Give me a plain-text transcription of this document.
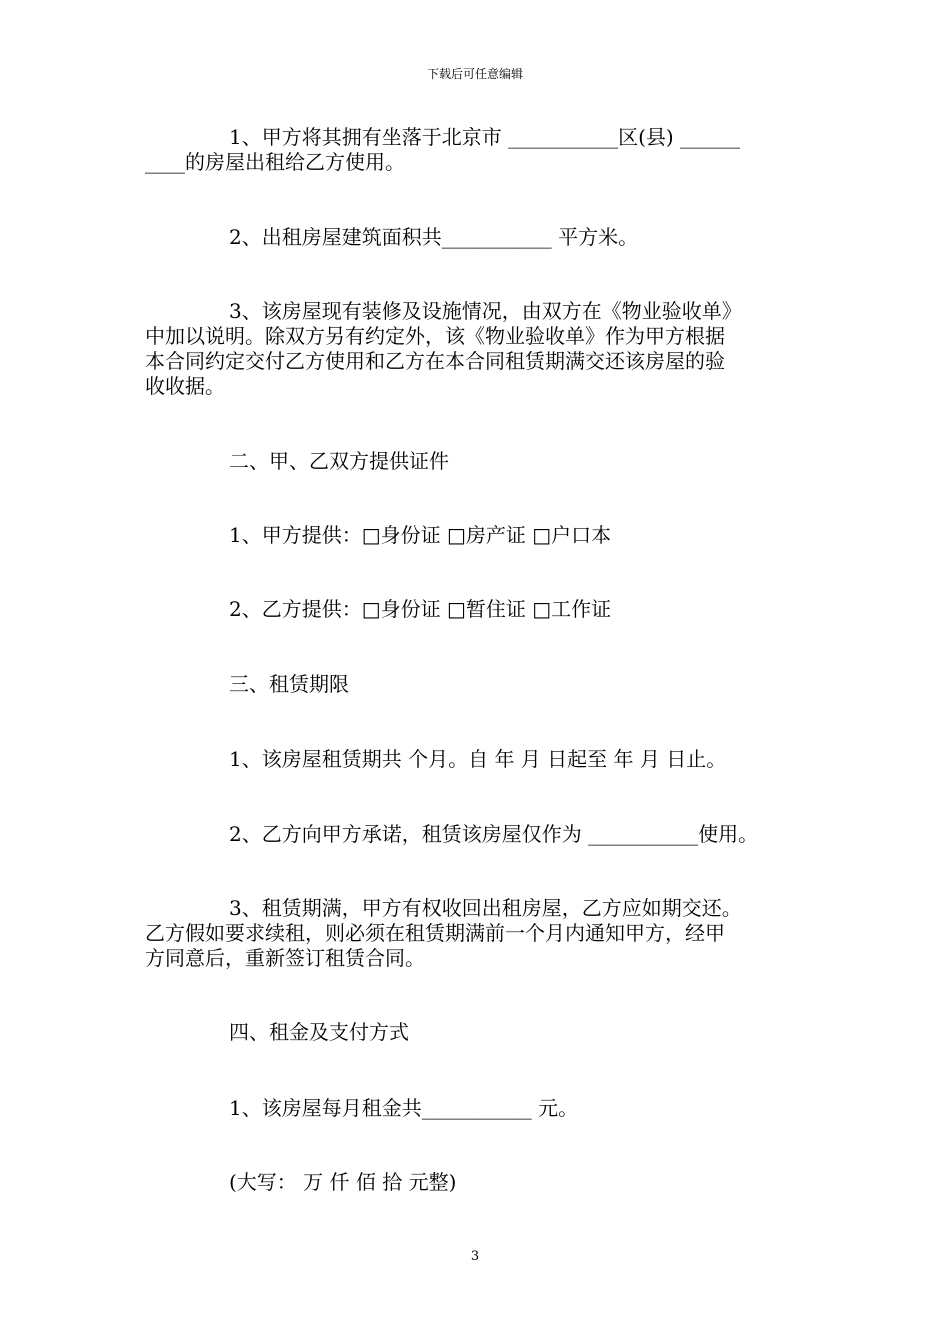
下载后可任意编辑
1、甲方将其拥有坐落于北京市 ___________区(县) ______
____的房屋出租给乙方使用。
2、出租房屋建筑面积共___________ 平方米。
3、该房屋现有装修及设施情况，由双方在《物业验收单》
中加以说明。除双方另有约定外，该《物业验收单》作为甲方根据
本合同约定交付乙方使用和乙方在本合同租赁期满交还该房屋的验
收收据。
二、甲、乙双方提供证件
1、甲方提供：□身份证 □房产证 □户口本
2、乙方提供：□身份证 □暂住证 □工作证
三、租赁期限
1、该房屋租赁期共 个月。自 年 月 日起至 年 月 日止。
2、乙方向甲方承诺，租赁该房屋仅作为 ___________使用。
3、租赁期满，甲方有权收回出租房屋，乙方应如期交还。
乙方假如要求续租，则必须在租赁期满前一个月内通知甲方，经甲
方同意后，重新签订租赁合同。
四、租金及支付方式
1、该房屋每月租金共___________ 元。
(大写： 万 仟 佰 拾 元整)
3
